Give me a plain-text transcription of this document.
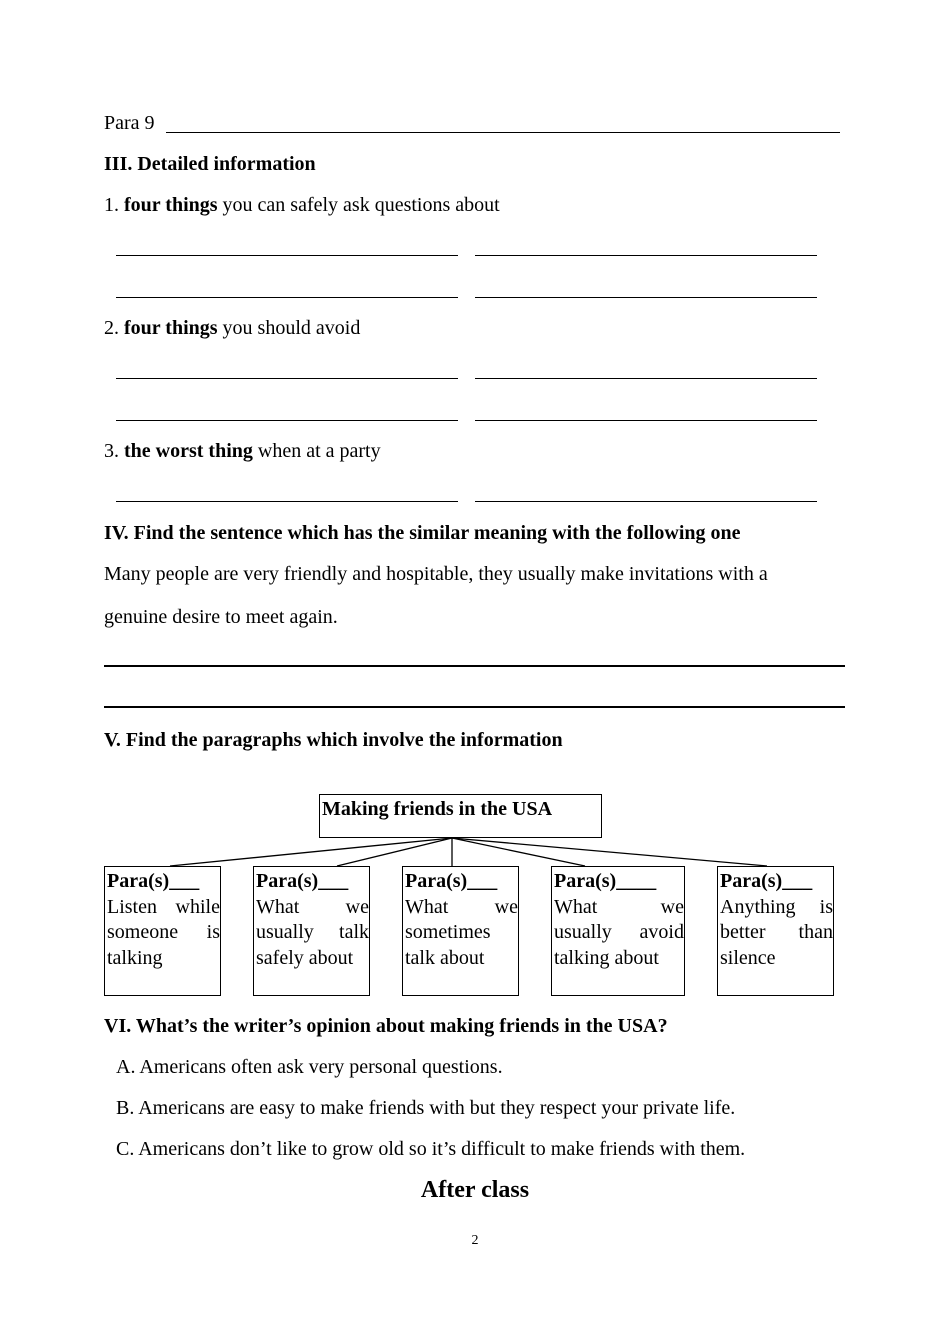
Para 9
III. Detailed information
1. four things you can safely ask questions about
2. four things you should avoid
3. the worst thing when at a party
IV. Find the sentence which has the similar meaning with the following one
Many people are very friendly and hospitable, they usually make invitations with a
genuine desire to meet again.
V. Find the paragraphs which involve the information
Making friends in the USA
Para(s)___
Listen while someone is talking
Para(s)___
What we usually talk safely about
Para(s)___
What we sometimes talk about
Para(s)____
What we usually avoid talking about
Para(s)___
Anything is better than silence
VI. What’s the writer’s opinion about making friends in the USA?
A. Americans often ask very personal questions.
B. Americans are easy to make friends with but they respect your private life.
C. Americans don’t like to grow old so it’s difficult to make friends with them.
After class
2
